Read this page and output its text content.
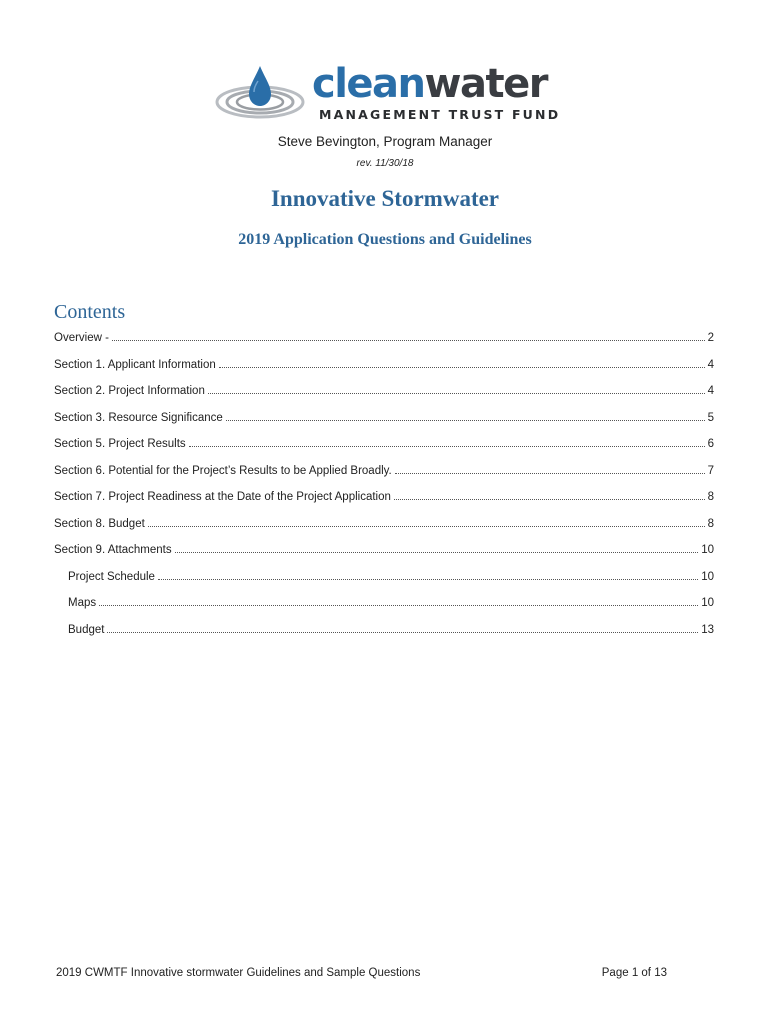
cleanwater
MANAGEMENT TRUST FUND
Steve Bevington, Program Manager
rev. 11/30/18
Innovative Stormwater
2019 Application Questions and Guidelines
Contents
Overview -	2
Section 1. Applicant Information	4
Section 2. Project Information	4
Section 3. Resource Significance	5
Section 5. Project Results	6
Section 6. Potential for the Project’s Results to be Applied Broadly.	7
Section 7. Project Readiness at the Date of the Project Application	8
Section 8. Budget	8
Section 9. Attachments	10
Project Schedule	10
Maps	10
Budget	13
2019 CWMTF Innovative stormwater Guidelines and Sample Questions	Page 1 of 13
